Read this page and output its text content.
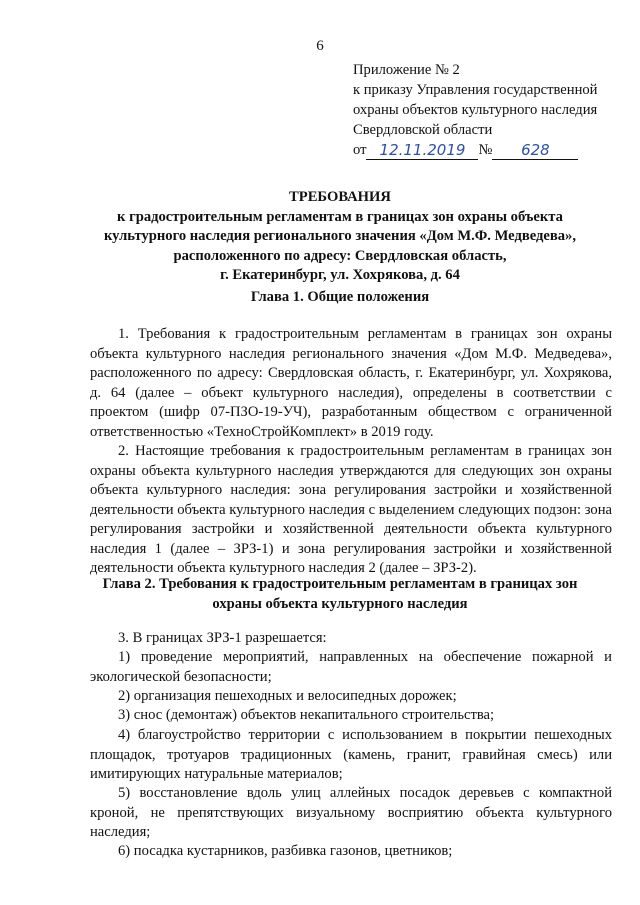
6
Приложение № 2
к приказу Управления государственной
охраны объектов культурного наследия
Свердловской области
от 12.11.2019 №	628
ТРЕБОВАНИЯ
к градостроительным регламентам в границах зон охраны объекта
культурного наследия регионального значения «Дом М.Ф. Медведева»,
расположенного по адресу: Свердловская область,
г. Екатеринбург, ул. Хохрякова, д. 64
Глава 1. Общие положения
1. Требования к градостроительным регламентам в границах зон охраны объекта культурного наследия регионального значения «Дом М.Ф. Медведева», расположенного по адресу: Свердловская область, г. Екатеринбург, ул. Хохрякова, д. 64 (далее – объект культурного наследия), определены в соответствии с проектом (шифр 07-ПЗО-19-УЧ), разработанным обществом с ограниченной ответственностью «ТехноСтройКомплект» в 2019 году.
2. Настоящие требования к градостроительным регламентам в границах зон охраны объекта культурного наследия утверждаются для следующих зон охраны объекта культурного наследия: зона регулирования застройки и хозяйственной деятельности объекта культурного наследия с выделением следующих подзон: зона регулирования застройки и хозяйственной деятельности объекта культурного наследия 1 (далее – ЗРЗ-1) и зона регулирования застройки и хозяйственной деятельности объекта культурного наследия 2 (далее – ЗРЗ-2).
Глава 2. Требования к градостроительным регламентам в границах зон
охраны объекта культурного наследия
3. В границах ЗРЗ-1 разрешается:
1) проведение мероприятий, направленных на обеспечение пожарной и экологической безопасности;
2) организация пешеходных и велосипедных дорожек;
3) снос (демонтаж) объектов некапитального строительства;
4) благоустройство территории с использованием в покрытии пешеходных площадок, тротуаров традиционных (камень, гранит, гравийная смесь) или имитирующих натуральные материалов;
5) восстановление вдоль улиц аллейных посадок деревьев с компактной кроной, не препятствующих визуальному восприятию объекта культурного наследия;
6) посадка кустарников, разбивка газонов, цветников;
